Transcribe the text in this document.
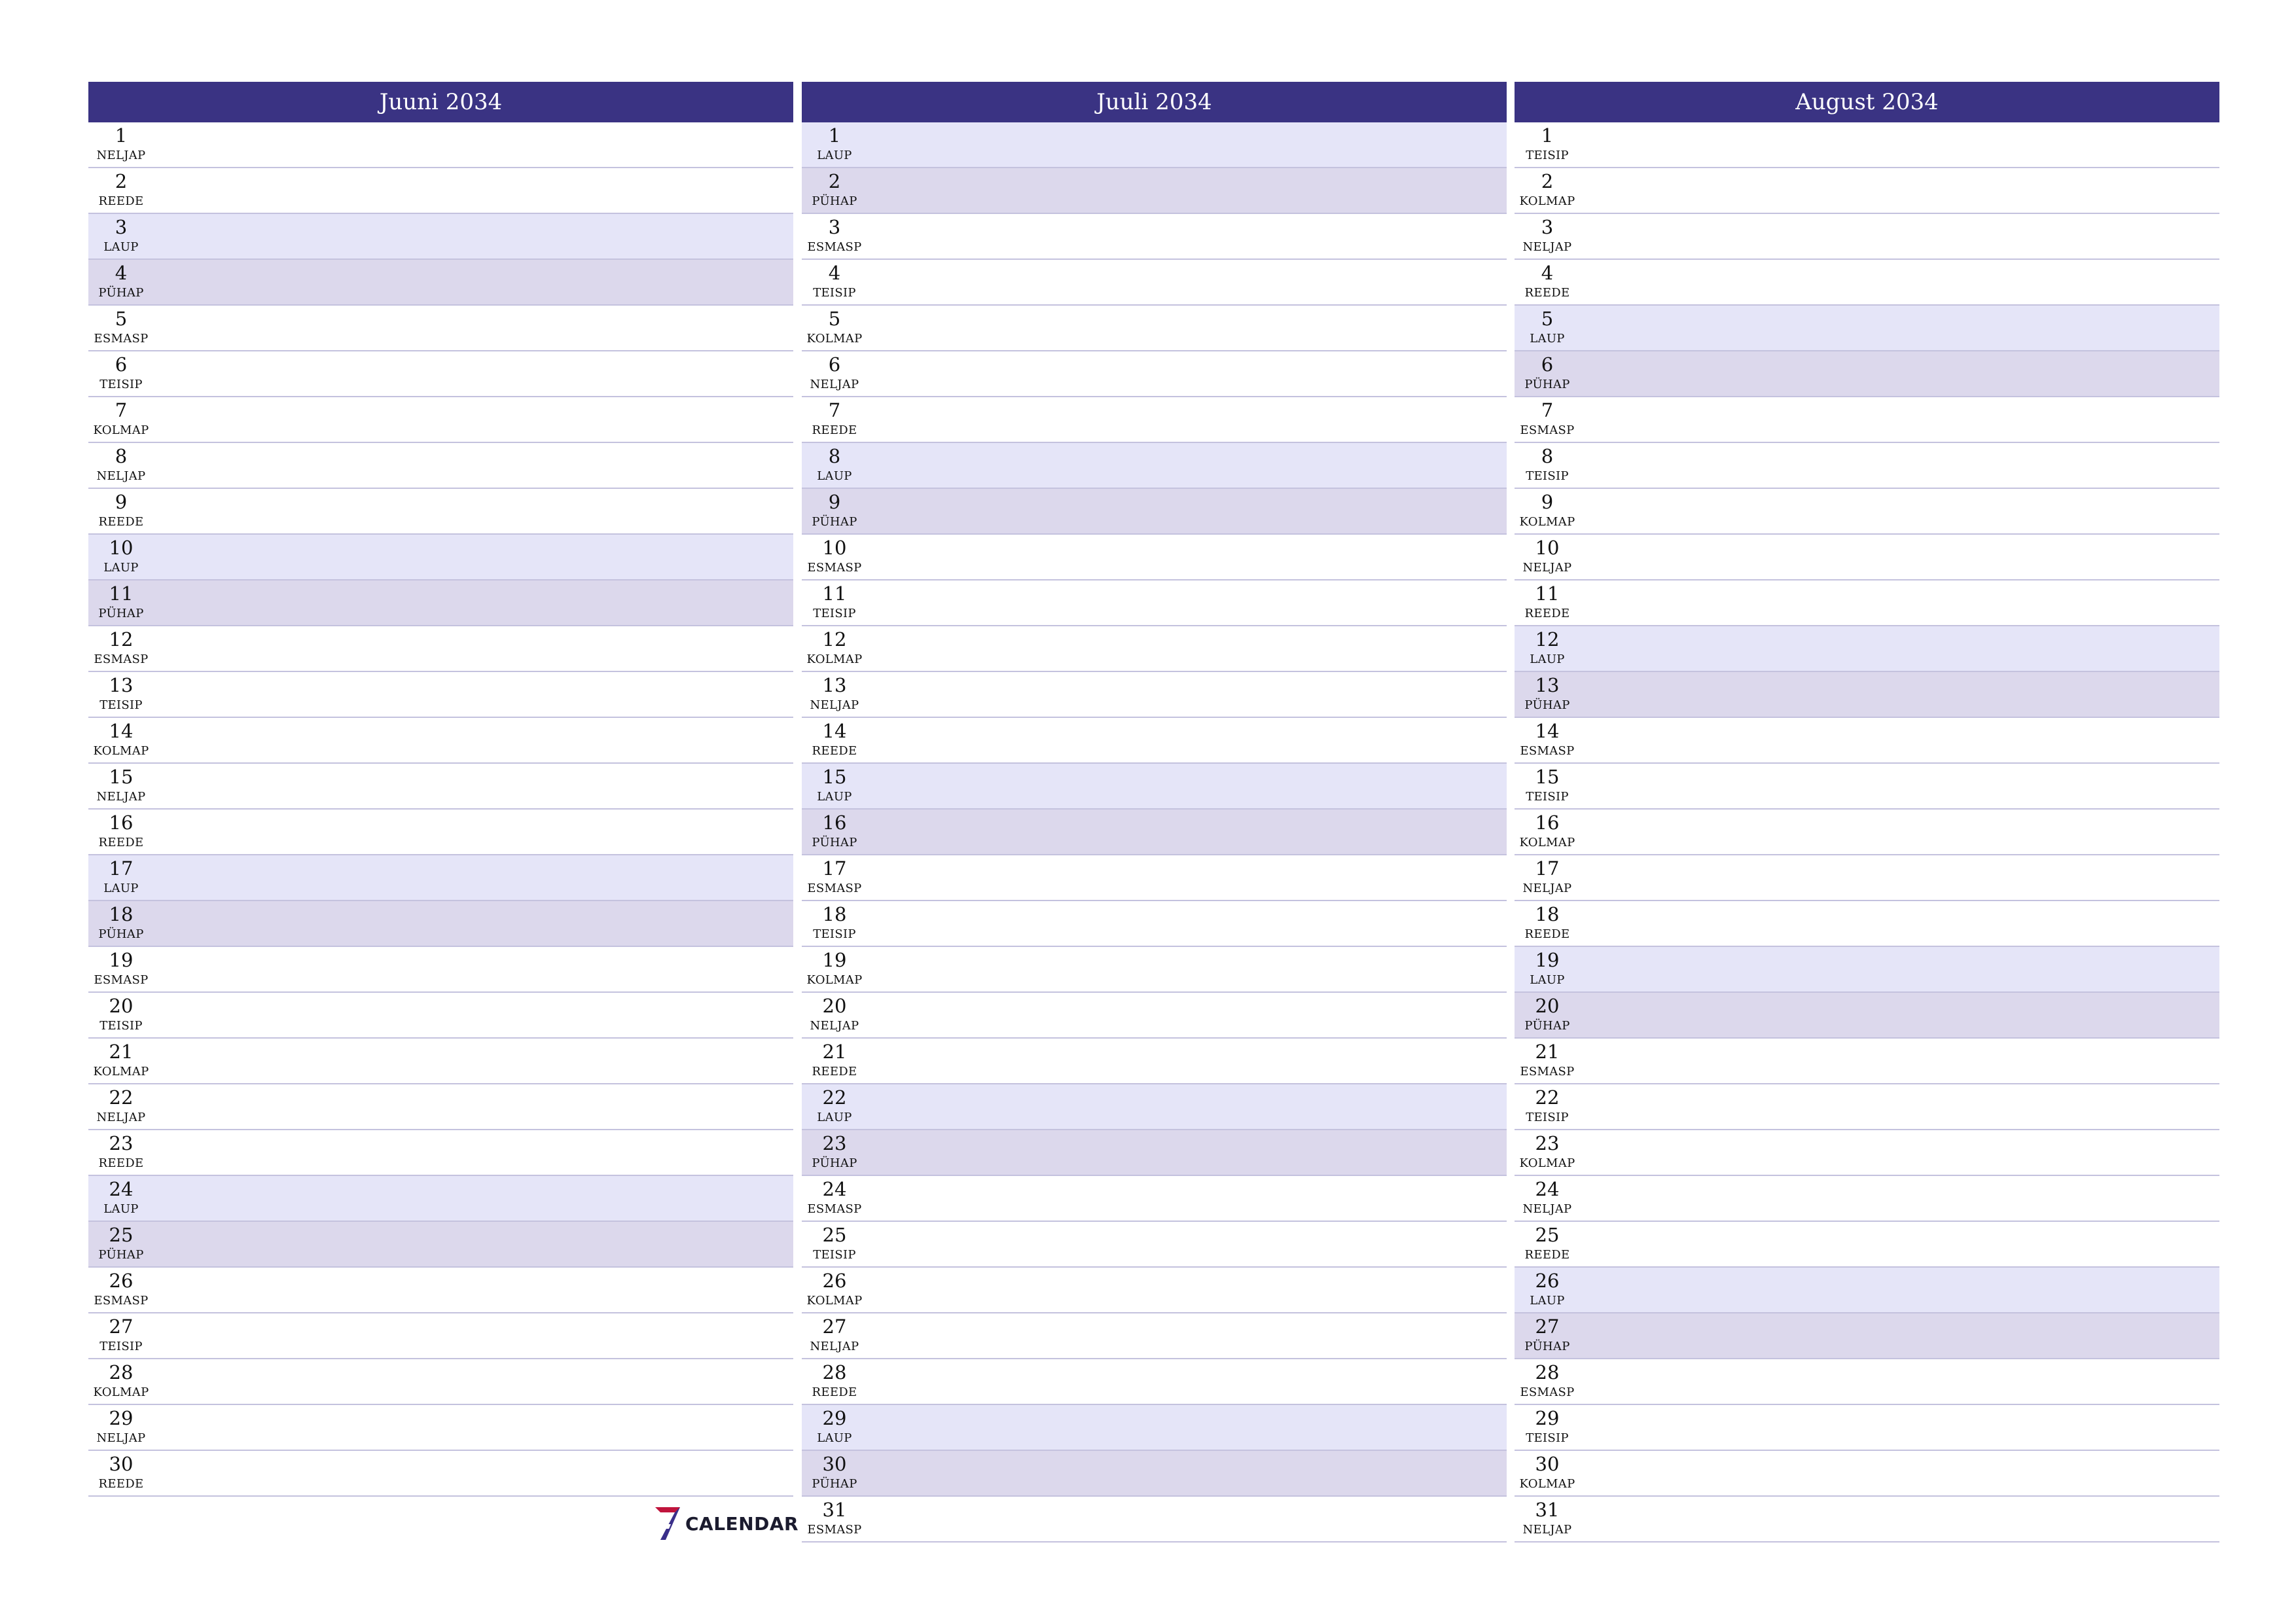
Juuni 2034
1
NELJAP
2
REEDE
3
LAUP
4
PÜHAP
5
ESMASP
6
TEISIP
7
KOLMAP
8
NELJAP
9
REEDE
10
LAUP
11
PÜHAP
12
ESMASP
13
TEISIP
14
KOLMAP
15
NELJAP
16
REEDE
17
LAUP
18
PÜHAP
19
ESMASP
20
TEISIP
21
KOLMAP
22
NELJAP
23
REEDE
24
LAUP
25
PÜHAP
26
ESMASP
27
TEISIP
28
KOLMAP
29
NELJAP
30
REEDE
Juuli 2034
1
LAUP
2
PÜHAP
3
ESMASP
4
TEISIP
5
KOLMAP
6
NELJAP
7
REEDE
8
LAUP
9
PÜHAP
10
ESMASP
11
TEISIP
12
KOLMAP
13
NELJAP
14
REEDE
15
LAUP
16
PÜHAP
17
ESMASP
18
TEISIP
19
KOLMAP
20
NELJAP
21
REEDE
22
LAUP
23
PÜHAP
24
ESMASP
25
TEISIP
26
KOLMAP
27
NELJAP
28
REEDE
29
LAUP
30
PÜHAP
31
ESMASP
August 2034
1
TEISIP
2
KOLMAP
3
NELJAP
4
REEDE
5
LAUP
6
PÜHAP
7
ESMASP
8
TEISIP
9
KOLMAP
10
NELJAP
11
REEDE
12
LAUP
13
PÜHAP
14
ESMASP
15
TEISIP
16
KOLMAP
17
NELJAP
18
REEDE
19
LAUP
20
PÜHAP
21
ESMASP
22
TEISIP
23
KOLMAP
24
NELJAP
25
REEDE
26
LAUP
27
PÜHAP
28
ESMASP
29
TEISIP
30
KOLMAP
31
NELJAP
CALENDAR
